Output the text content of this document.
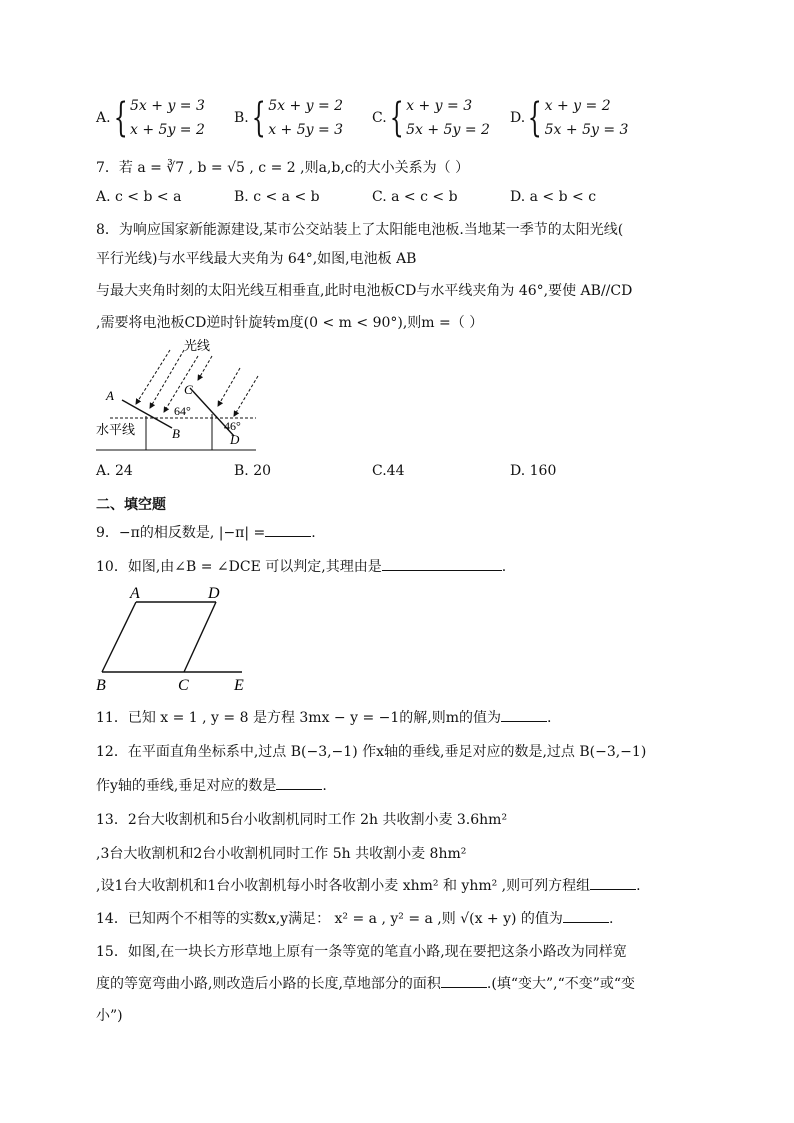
A. { 5x + y = 3
x + 5y = 2
B. { 5x + y = 2
x + 5y = 3
C. { x + y = 3
5x + 5y = 2
D. { x + y = 2
5x + 5y = 3
7．若 a = ∛7 , b = √5 , c = 2 ,则a,b,c的大小关系为（ ）
A. c < b < a	B. c < a < b	C. a < c < b	D. a < b < c
8．为响应国家新能源建设,某市公交站装上了太阳能电池板.当地某一季节的太阳光线(
平行光线)与水平线最大夹角为 64°,如图,电池板 AB
与最大夹角时刻的太阳光线互相垂直,此时电池板CD与水平线夹角为 46°,要使 AB//CD
,需要将电池板CD逆时针旋转m度(0 < m < 90°),则m =（ ）
光线
A
B
C
D
64°
46°
水平线
A. 24	B. 20	C.44	D. 160
二、填空题
9．−π的相反数是, |−π| =	.
10．如图,由∠B = ∠DCE 可以判定,其理由是	.
A	D
B	C	E
11．已知 x = 1 , y = 8 是方程 3mx − y = −1的解,则m的值为	.
12．在平面直角坐标系中,过点 B(−3,−1) 作x轴的垂线,垂足对应的数是,过点 B(−3,−1)
作y轴的垂线,垂足对应的数是	.
13．2台大收割机和5台小收割机同时工作 2h 共收割小麦 3.6hm²
,3台大收割机和2台小收割机同时工作 5h 共收割小麦 8hm²
,设1台大收割机和1台小收割机每小时各收割小麦 xhm² 和 yhm² ,则可列方程组	.
14．已知两个不相等的实数x,y满足： x² = a , y² = a ,则 √(x + y) 的值为	.
15．如图,在一块长方形草地上原有一条等宽的笔直小路,现在要把这条小路改为同样宽
度的等宽弯曲小路,则改造后小路的长度,草地部分的面积	.(填“变大”,“不变”或“变
小”)
